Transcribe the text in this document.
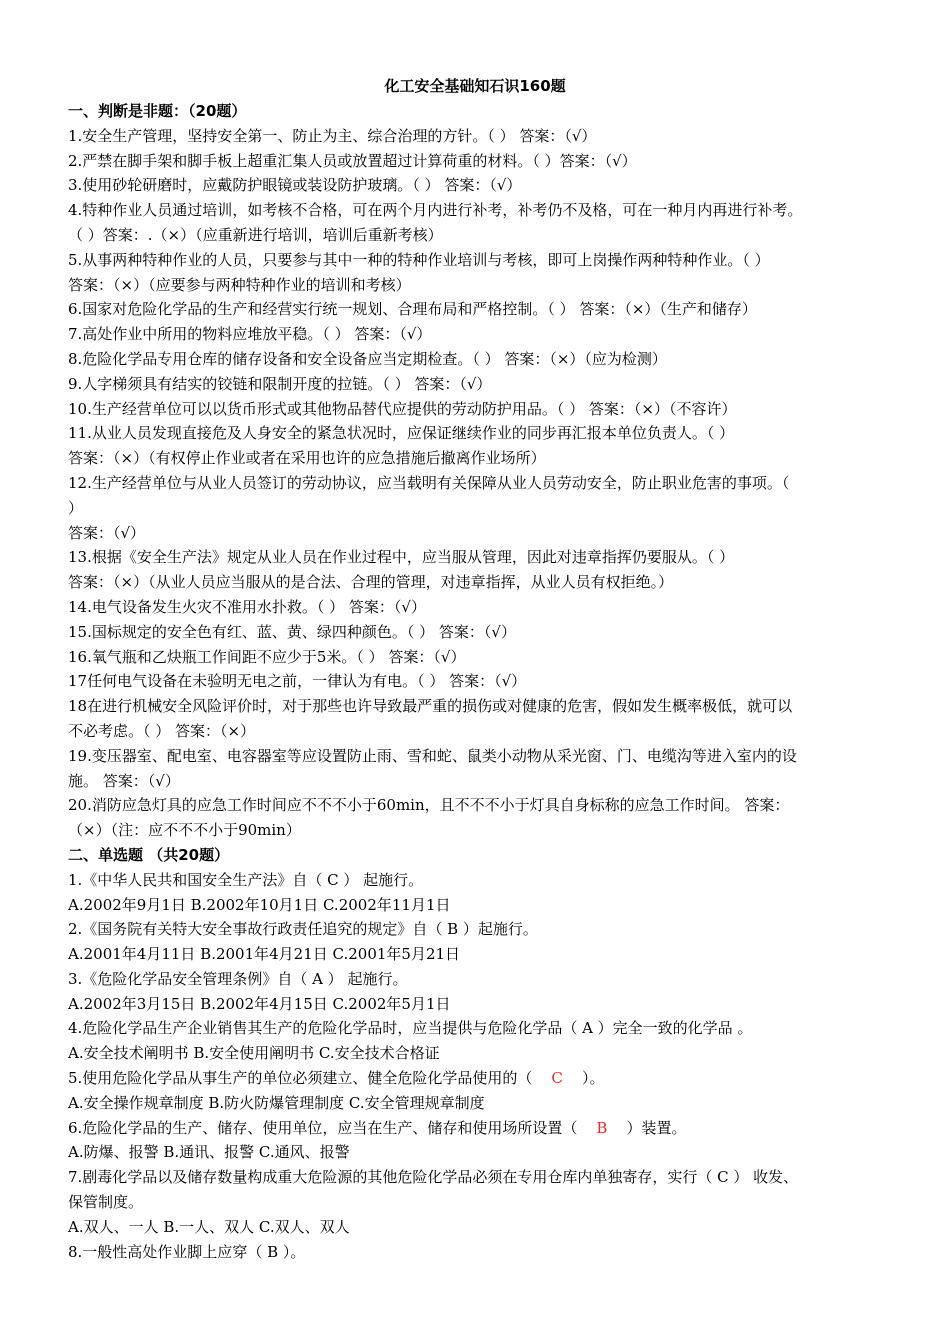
化工安全基础知石识160题
一、判断是非题：（20题）
1.安全生产管理，坚持安全第一、防止为主、综合治理的方针。（ ） 答案：（√）
2.严禁在脚手架和脚手板上超重汇集人员或放置超过计算荷重的材料。（ ）答案：（√）
3.使用砂轮研磨时，应戴防护眼镜或装设防护玻璃。（ ） 答案：（√）
4.特种作业人员通过培训，如考核不合格，可在两个月内进行补考，补考仍不及格，可在一种月内再进行补考。
（ ）答案：.（×）（应重新进行培训，培训后重新考核）
5.从事两种特种作业的人员，只要参与其中一种的特种作业培训与考核，即可上岗操作两种特种作业。（ ）
答案：（×）（应要参与两种特种作业的培训和考核）
6.国家对危险化学品的生产和经营实行统一规划、合理布局和严格控制。（ ） 答案：（×）（生产和储存）
7.高处作业中所用的物料应堆放平稳。（ ） 答案：（√）
8.危险化学品专用仓库的储存设备和安全设备应当定期检查。（ ） 答案：（×）（应为检测）
9.人字梯须具有结实的铰链和限制开度的拉链。（ ） 答案：（√）
10.生产经营单位可以以货币形式或其他物品替代应提供的劳动防护用品。（ ） 答案：（×）（不容许）
11.从业人员发现直接危及人身安全的紧急状况时，应保证继续作业的同步再汇报本单位负责人。（ ）
答案：（×）（有权停止作业或者在采用也许的应急措施后撤离作业场所）
12.生产经营单位与从业人员签订的劳动协议，应当载明有关保障从业人员劳动安全，防止职业危害的事项。（
）
答案：（√）
13.根据《安全生产法》规定从业人员在作业过程中，应当服从管理，因此对违章指挥仍要服从。（ ）
答案：（×）（从业人员应当服从的是合法、合理的管理，对违章指挥，从业人员有权拒绝。）
14.电气设备发生火灾不准用水扑救。（ ） 答案：（√）
15.国标规定的安全色有红、蓝、黄、绿四种颜色。（ ） 答案：（√）
16.氧气瓶和乙炔瓶工作间距不应少于5米。（ ） 答案：（√）
17任何电气设备在未验明无电之前，一律认为有电。（ ） 答案：（√）
18在进行机械安全风险评价时，对于那些也许导致最严重的损伤或对健康的危害，假如发生概率极低，就可以
不必考虑。（ ） 答案：（×）
19.变压器室、配电室、电容器室等应设置防止雨、雪和蛇、鼠类小动物从采光窗、门、电缆沟等进入室内的设
施。 答案：（√）
20.消防应急灯具的应急工作时间应不不不小于60min，且不不不小于灯具自身标称的应急工作时间。 答案：
（×）（注：应不不不小于90min）
二、单选题 （共20题）
1.《中华人民共和国安全生产法》自（ C ） 起施行。
A.2002年9月1日 B.2002年10月1日 C.2002年11月1日
2.《国务院有关特大安全事故行政责任追究的规定》自（ B ）起施行。
A.2001年4月11日 B.2001年4月21日 C.2001年5月21日
3.《危险化学品安全管理条例》自（ A ） 起施行。
A.2002年3月15日 B.2002年4月15日 C.2002年5月1日
4.危险化学品生产企业销售其生产的危险化学品时，应当提供与危险化学品（ A ）完全一致的化学品 。
A.安全技术阐明书 B.安全使用阐明书 C.安全技术合格证
5.使用危险化学品从事生产的单位必须建立、健全危险化学品使用的（ C ）。
A.安全操作规章制度 B.防火防爆管理制度 C.安全管理规章制度
6.危险化学品的生产、储存、使用单位，应当在生产、储存和使用场所设置（ B ）装置。
A.防爆、报警 B.通讯、报警 C.通风、报警
7.剧毒化学品以及储存数量构成重大危险源的其他危险化学品必须在专用仓库内单独寄存，实行（ C ） 收发、
保管制度。
A.双人、一人 B.一人、双人 C.双人、双人
8.一般性高处作业脚上应穿（ B ）。
